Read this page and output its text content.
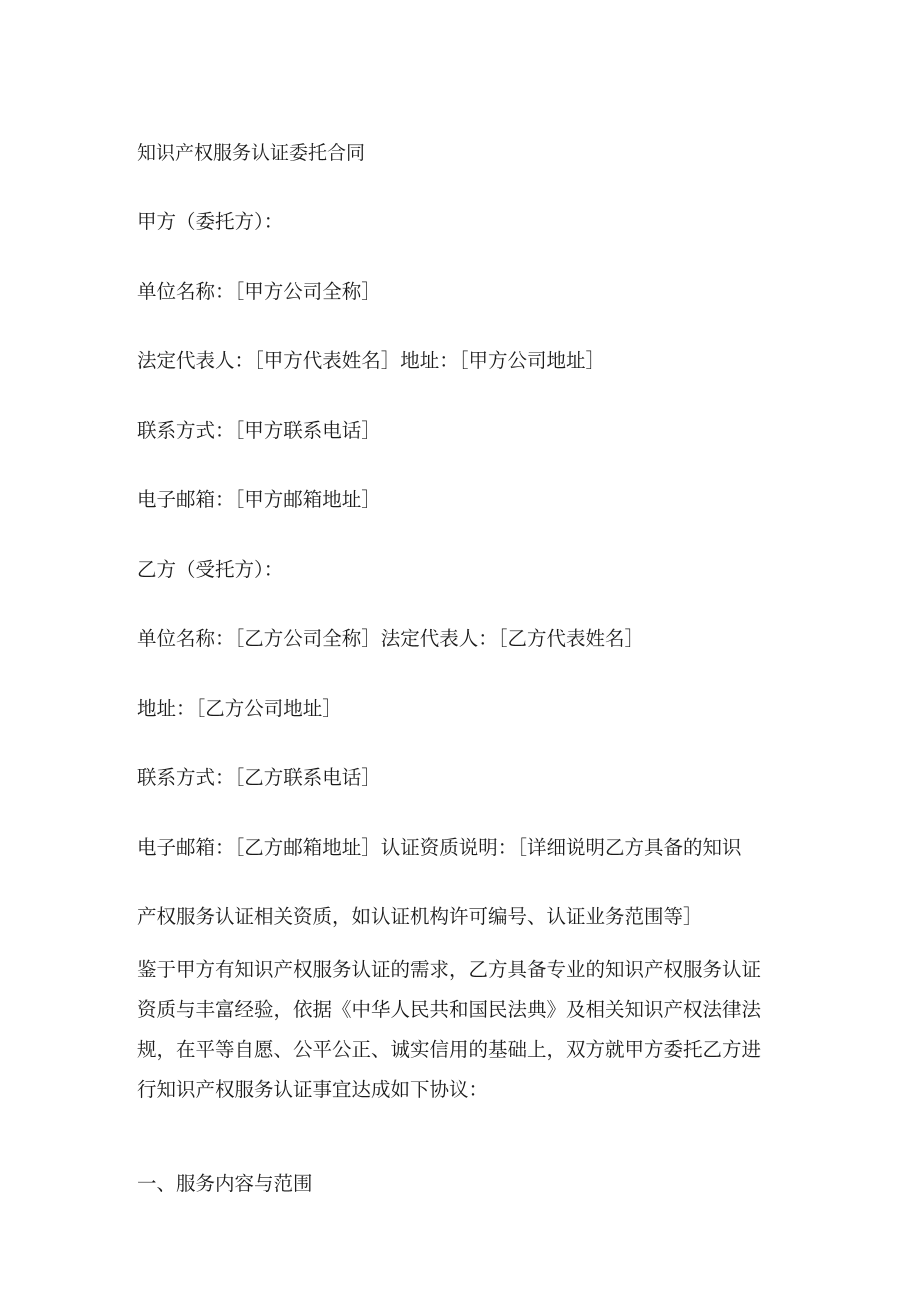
知识产权服务认证委托合同
甲方（委托方）：
单位名称：［甲方公司全称］
法定代表人：［甲方代表姓名］地址：［甲方公司地址］
联系方式：［甲方联系电话］
电子邮箱：［甲方邮箱地址］
乙方（受托方）：
单位名称：［乙方公司全称］法定代表人：［乙方代表姓名］
地址：［乙方公司地址］
联系方式：［乙方联系电话］
电子邮箱：［乙方邮箱地址］认证资质说明：［详细说明乙方具备的知识
产权服务认证相关资质，如认证机构许可编号、认证业务范围等］
鉴于甲方有知识产权服务认证的需求，乙方具备专业的知识产权服务认证
资质与丰富经验，依据《中华人民共和国民法典》及相关知识产权法律法
规，在平等自愿、公平公正、诚实信用的基础上，双方就甲方委托乙方进
行知识产权服务认证事宜达成如下协议：
一、服务内容与范围
